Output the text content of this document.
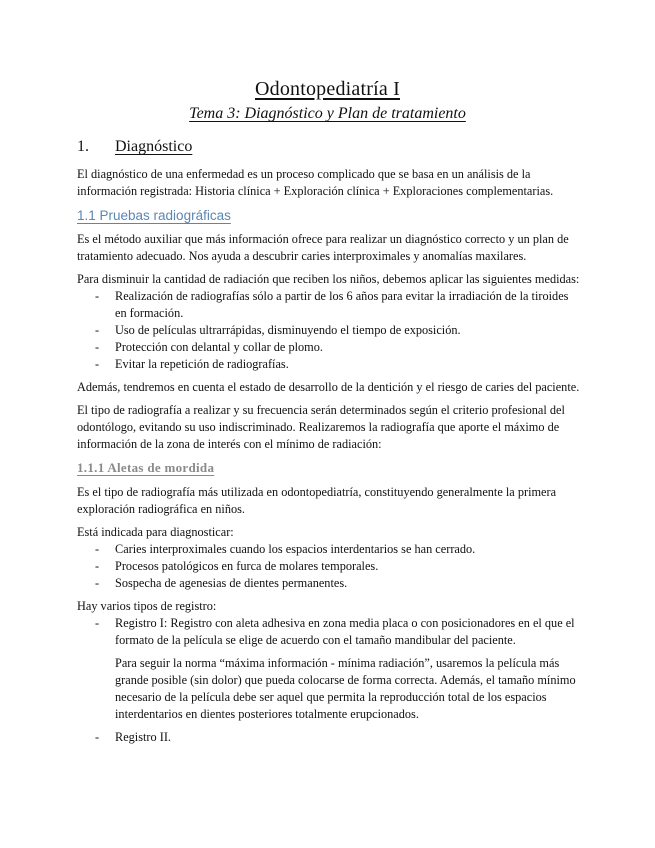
Odontopediatría I
Tema 3: Diagnóstico y Plan de tratamiento
1.	Diagnóstico

El diagnóstico de una enfermedad es un proceso complicado que se basa en un análisis de la información registrada: Historia clínica + Exploración clínica + Exploraciones complementarias.

1.1 Pruebas radiográficas

Es el método auxiliar que más información ofrece para realizar un diagnóstico correcto y un plan de tratamiento adecuado. Nos ayuda a descubrir caries interproximales y anomalías maxilares.

Para disminuir la cantidad de radiación que reciben los niños, debemos aplicar las siguientes medidas:

- Realización de radiografías sólo a partir de los 6 años para evitar la irradiación de la tiroides en formación.
- Uso de películas ultrarrápidas, disminuyendo el tiempo de exposición.
- Protección con delantal y collar de plomo.
- Evitar la repetición de radiografías.

Además, tendremos en cuenta el estado de desarrollo de la dentición y el riesgo de caries del paciente.

El tipo de radiografía a realizar y su frecuencia serán determinados según el criterio profesional del odontólogo, evitando su uso indiscriminado. Realizaremos la radiografía que aporte el máximo de información de la zona de interés con el mínimo de radiación:

1.1.1 Aletas de mordida

Es el tipo de radiografía más utilizada en odontopediatría, constituyendo generalmente la primera exploración radiográfica en niños.

Está indicada para diagnosticar:

- Caries interproximales cuando los espacios interdentarios se han cerrado.
- Procesos patológicos en furca de molares temporales.
- Sospecha de agenesias de dientes permanentes.

Hay varios tipos de registro:

- Registro I: Registro con aleta adhesiva en zona media placa o con posicionadores en el que el formato de la película se elige de acuerdo con el tamaño mandibular del paciente.

Para seguir la norma “máxima información - mínima radiación”, usaremos la película más grande posible (sin dolor) que pueda colocarse de forma correcta. Además, el tamaño mínimo necesario de la película debe ser aquel que permita la reproducción total de los espacios interdentarios en dientes posteriores totalmente erupcionados.

- Registro II.
